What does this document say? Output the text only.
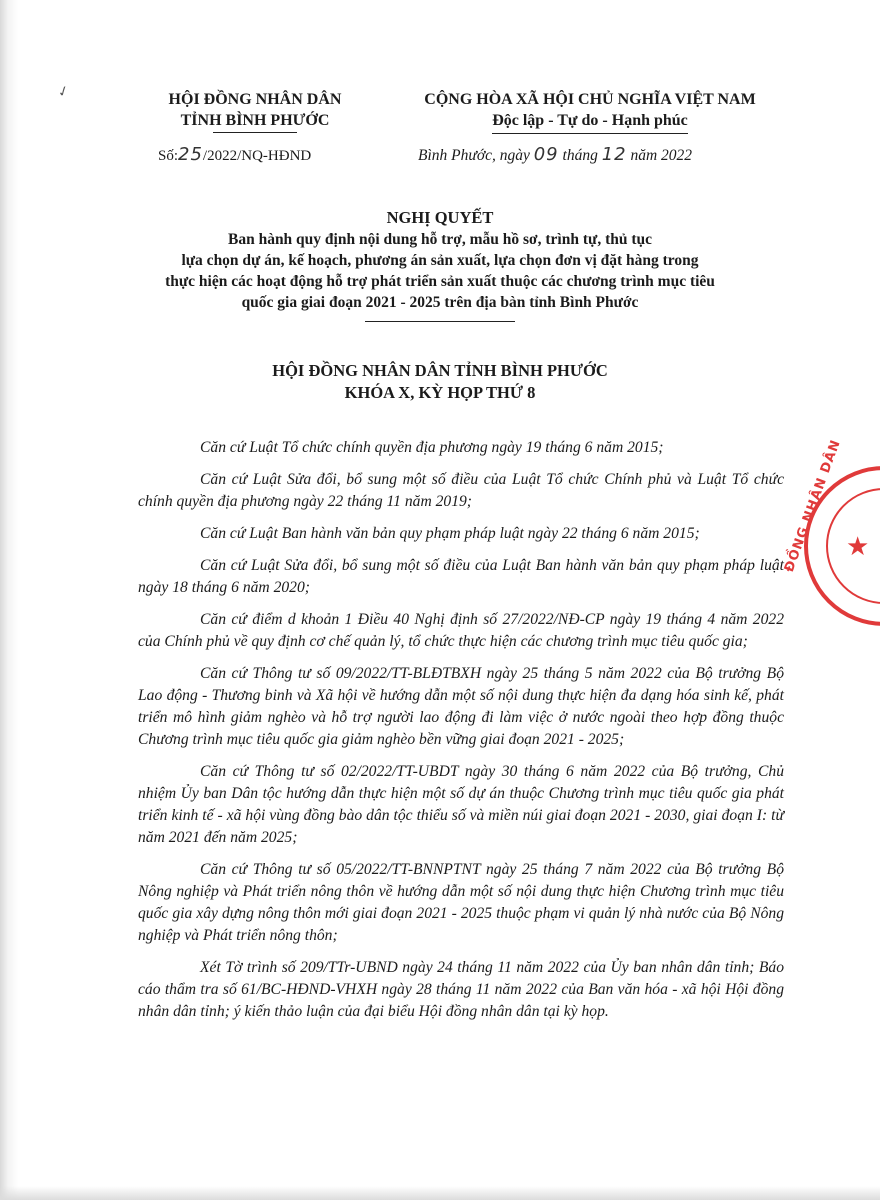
✓	HỘI ĐỒNG NHÂN DÂN
TỈNH BÌNH PHƯỚC
CỘNG HÒA XÃ HỘI CHỦ NGHĨA VIỆT NAM
Độc lập - Tự do - Hạnh phúc
Số:25/2022/NQ-HĐND	Bình Phước, ngày 09 tháng 12 năm 2022
NGHỊ QUYẾT
Ban hành quy định nội dung hỗ trợ, mẫu hồ sơ, trình tự, thủ tục
lựa chọn dự án, kế hoạch, phương án sản xuất, lựa chọn đơn vị đặt hàng trong
thực hiện các hoạt động hỗ trợ phát triển sản xuất thuộc các chương trình mục tiêu
quốc gia giai đoạn 2021 - 2025 trên địa bàn tỉnh Bình Phước
HỘI ĐỒNG NHÂN DÂN TỈNH BÌNH PHƯỚC
KHÓA X, KỲ HỌP THỨ 8

Căn cứ Luật Tổ chức chính quyền địa phương ngày 19 tháng 6 năm 2015;

Căn cứ Luật Sửa đổi, bổ sung một số điều của Luật Tổ chức Chính phủ và Luật Tổ chức chính quyền địa phương ngày 22 tháng 11 năm 2019;

Căn cứ Luật Ban hành văn bản quy phạm pháp luật ngày 22 tháng 6 năm 2015;

Căn cứ Luật Sửa đổi, bổ sung một số điều của Luật Ban hành văn bản quy phạm pháp luật ngày 18 tháng 6 năm 2020;

Căn cứ điểm d khoản 1 Điều 40 Nghị định số 27/2022/NĐ-CP ngày 19 tháng 4 năm 2022 của Chính phủ về quy định cơ chế quản lý, tổ chức thực hiện các chương trình mục tiêu quốc gia;

Căn cứ Thông tư số 09/2022/TT-BLĐTBXH ngày 25 tháng 5 năm 2022 của Bộ trưởng Bộ Lao động - Thương binh và Xã hội về hướng dẫn một số nội dung thực hiện đa dạng hóa sinh kế, phát triển mô hình giảm nghèo và hỗ trợ người lao động đi làm việc ở nước ngoài theo hợp đồng thuộc Chương trình mục tiêu quốc gia giảm nghèo bền vững giai đoạn 2021 - 2025;

Căn cứ Thông tư số 02/2022/TT-UBDT ngày 30 tháng 6 năm 2022 của Bộ trưởng, Chủ nhiệm Ủy ban Dân tộc hướng dẫn thực hiện một số dự án thuộc Chương trình mục tiêu quốc gia phát triển kinh tế - xã hội vùng đồng bào dân tộc thiểu số và miền núi giai đoạn 2021 - 2030, giai đoạn I: từ năm 2021 đến năm 2025;

Căn cứ Thông tư số 05/2022/TT-BNNPTNT ngày 25 tháng 7 năm 2022 của Bộ trưởng Bộ Nông nghiệp và Phát triển nông thôn về hướng dẫn một số nội dung thực hiện Chương trình mục tiêu quốc gia xây dựng nông thôn mới giai đoạn 2021 - 2025 thuộc phạm vi quản lý nhà nước của Bộ Nông nghiệp và Phát triển nông thôn;

Xét Tờ trình số 209/TTr-UBND ngày 24 tháng 11 năm 2022 của Ủy ban nhân dân tỉnh; Báo cáo thẩm tra số 61/BC-HĐND-VHXH ngày 28 tháng 11 năm 2022 của Ban văn hóa - xã hội Hội đồng nhân dân tỉnh; ý kiến thảo luận của đại biểu Hội đồng nhân dân tại kỳ họp.

ĐỒNG NHÂN DÂN ★
